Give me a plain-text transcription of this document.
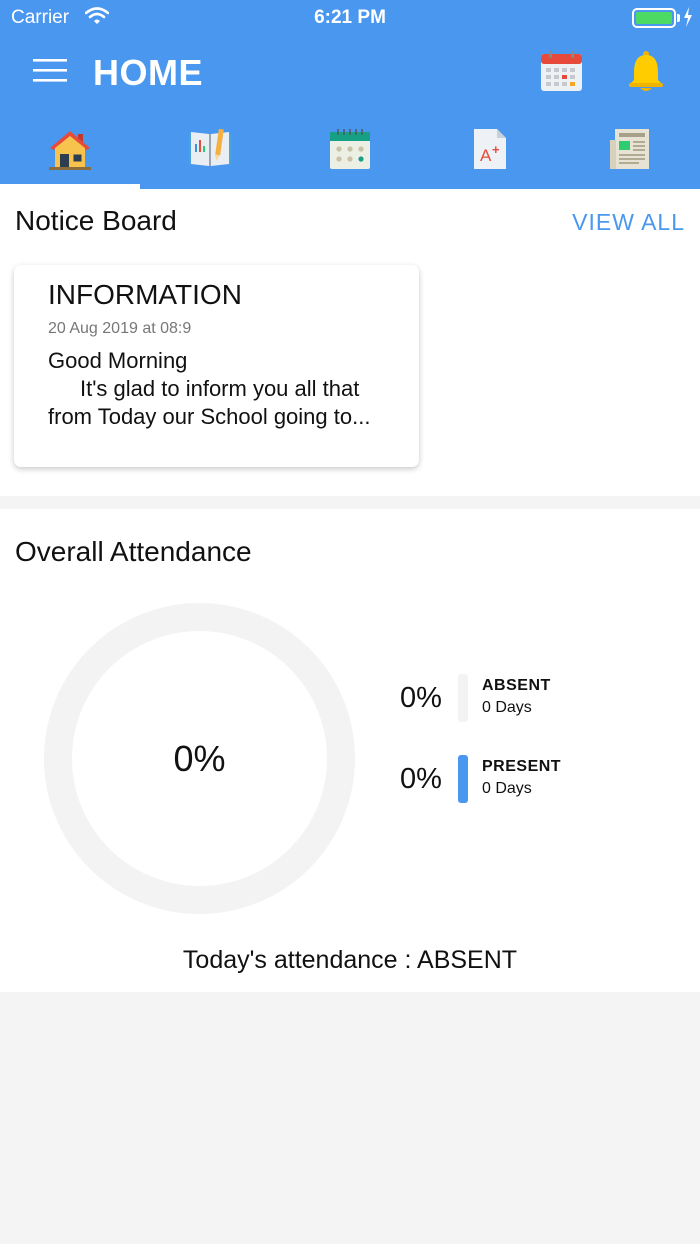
Carrier	6:21 PM
HOME
A +
Notice Board	VIEW ALL
INFORMATION
20 Aug 2019 at 08:9
Good Morning
It's glad to inform you all that
from Today our School going to...
Overall Attendance
0%
0%	ABSENT
0 Days
0%	PRESENT
0 Days
Today's attendance : ABSENT
